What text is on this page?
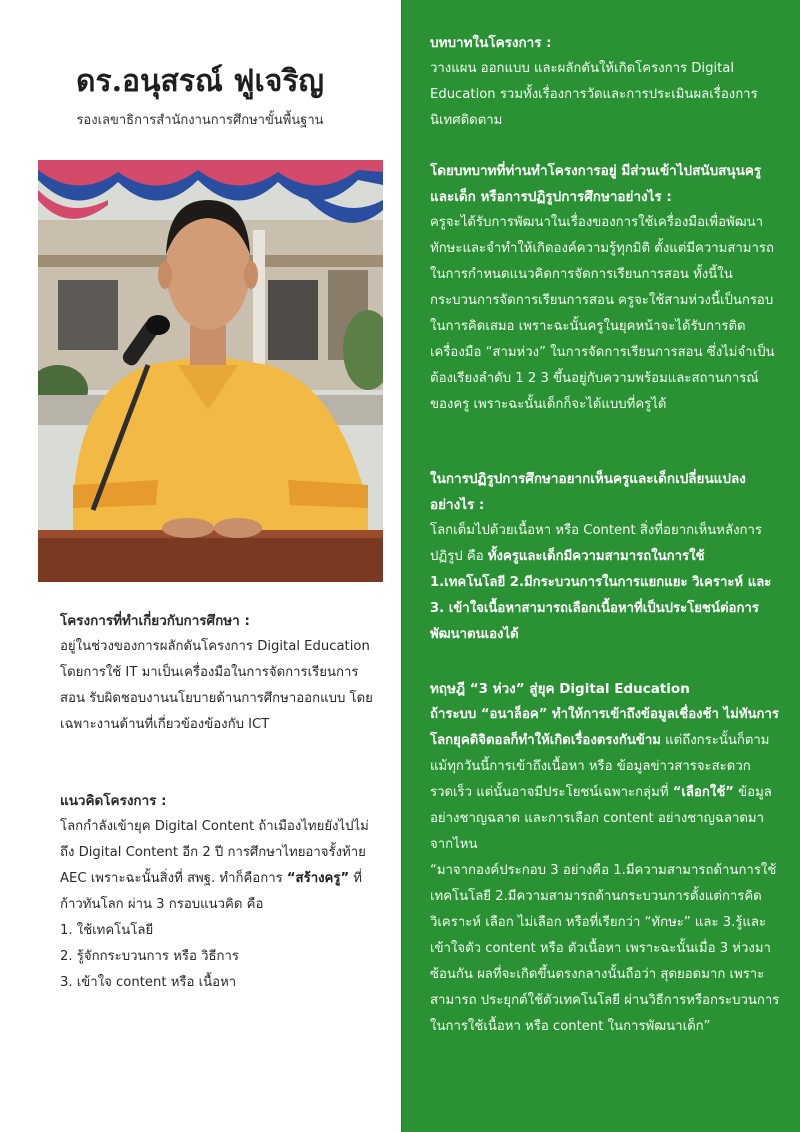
ดร.อนุสรณ์ ฟูเจริญ

รองเลขาธิการสำนักงานการศึกษาขั้นพื้นฐาน

โครงการที่ทำเกี่ยวกับการศึกษา :

อยู่ในช่วงของการผลักดันโครงการ Digital Education โดยการใช้ IT มาเป็นเครื่องมือในการจัดการเรียนการสอน รับผิดชอบงานนโยบายด้านการศึกษาออกแบบ โดยเฉพาะงานด้านที่เกี่ยวข้องข้องกับ ICT

แนวคิดโครงการ :

โลกกำลังเข้ายุค Digital Content ถ้าเมืองไทยยังไปไม่ถึง Digital Content อีก 2 ปี การศึกษาไทยอาจรั้งท้าย AEC เพราะฉะนั้นสิ่งที่ สพฐ. ทำก็คือการ “สร้างครู” ที่ก้าวทันโลก ผ่าน 3 กรอบแนวคิด คือ

1. ใช้เทคโนโลยี
2. รู้จักกระบวนการ หรือ วิธีการ
3. เข้าใจ content หรือ เนื้อหา
บทบาทในโครงการ :

วางแผน ออกแบบ และผลักดันให้เกิดโครงการ Digital Education รวมทั้งเรื่องการวัดและการประเมินผลเรื่องการนิเทศติดตาม

โดยบทบาทที่ท่านทำโครงการอยู่ มีส่วนเข้าไปสนับสนุนครู และเด็ก หรือการปฏิรูปการศึกษาอย่างไร :

ครูจะได้รับการพัฒนาในเรื่องของการใช้เครื่องมือเพื่อพัฒนา ทักษะและจำทำให้เกิดองค์ความรู้ทุกมิติ ตั้งแต่มีความสามารถในการกำหนดแนวคิดการจัดการเรียนการสอน ทั้งนี้ในกระบวนการจัดการเรียนการสอน ครูจะใช้สามห่วงนี้เป็นกรอบในการคิดเสมอ เพราะฉะนั้นครูในยุคหน้าจะได้รับการติดเครื่องมือ “สามห่วง” ในการจัดการเรียนการสอน ซึ่งไม่จำเป็นต้องเรียงลำดับ 1 2 3 ขึ้นอยู่กับความพร้อมและสถานการณ์ของครู เพราะฉะนั้นเด็กก็จะได้แบบที่ครูได้

ในการปฏิรูปการศึกษาอยากเห็นครูและเด็กเปลี่ยนแปลงอย่างไร :

โลกเต็มไปด้วยเนื้อหา หรือ Content สิ่งที่อยากเห็นหลังการปฏิรูป คือ ทั้งครูและเด็กมีความสามารถในการใช้ 1.เทคโนโลยี 2.มีกระบวนการในการแยกแยะ วิเคราะห์ และ 3. เข้าใจเนื้อหาสามารถเลือกเนื้อหาที่เป็นประโยชน์ต่อการพัฒนาตนเองได้

ทฤษฎี “3 ห่วง” สู่ยุค Digital Education

ถ้าระบบ “อนาล็อค” ทำให้การเข้าถึงข้อมูลเชื่องช้า ไม่ทันการ โลกยุคดิจิตอลก็ทำให้เกิดเรื่องตรงกันข้าม แต่ถึงกระนั้นก็ตาม แม้ทุกวันนี้การเข้าถึงเนื้อหา หรือ ข้อมูลข่าวสารจะสะดวกรวดเร็ว แต่นั้นอาจมีประโยชน์เฉพาะกลุ่มที่ “เลือกใช้” ข้อมูลอย่างชาญฉลาด และการเลือก content อย่างชาญฉลาดมาจากไหน

“มาจากองค์ประกอบ 3 อย่างคือ 1.มีความสามารถด้านการใช้เทคโนโลยี 2.มีความสามารถด้านกระบวนการตั้งแต่การคิดวิเคราะห์ เลือก ไม่เลือก หรือที่เรียกว่า “ทักษะ” และ 3.รู้และเข้าใจตัว content หรือ ตัวเนื้อหา เพราะฉะนั้นเมื่อ 3 ห่วงมาซ้อนกัน ผลที่จะเกิดขึ้นตรงกลางนั้นถือว่า สุดยอดมาก เพราะสามารถ ประยุกต์ใช้ตัวเทคโนโลยี ผ่านวิธีการหรือกระบวนการในการใช้เนื้อหา หรือ content ในการพัฒนาเด็ก”
